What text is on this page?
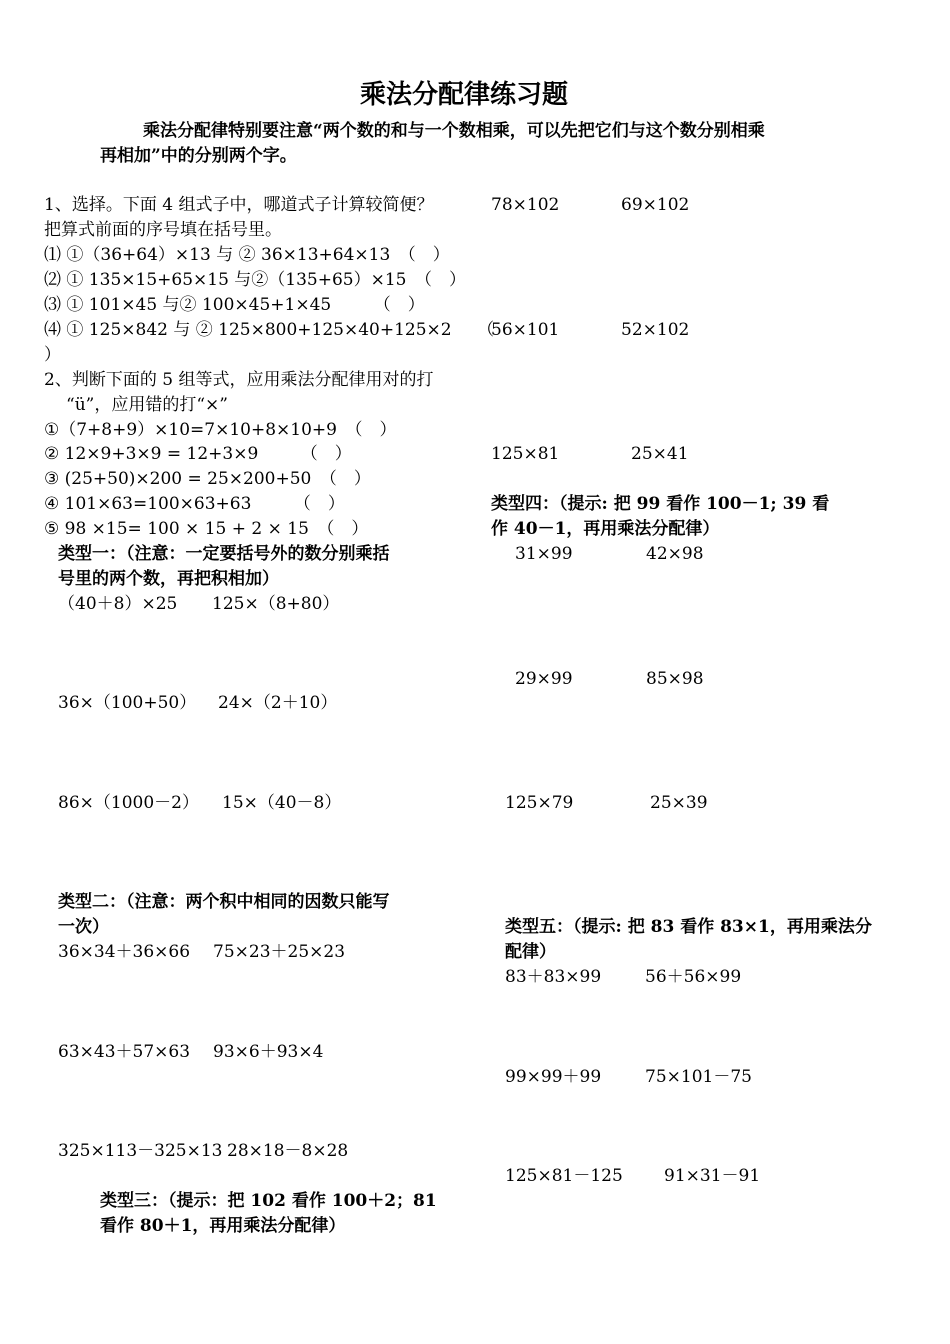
乘法分配律练习题
乘法分配律特别要注意“两个数的和与一个数相乘，可以先把它们与这个数分别相乘
再相加”中的分别两个字。
1、选择。下面 4 组式子中，哪道式子计算较简便？
把算式前面的序号填在括号里。
⑴ ①（36+64）×13 与 ② 36×13+64×13　（　）
⑵ ① 135×15+65×15 与②（135+65）×15　（　）
⑶ ① 101×45 与② 100×45+1×45　　　（　）
⑷ ① 125×842 与 ② 125×800+125×40+125×2　　（
）
2、判断下面的 5 组等式，应用乘法分配律用对的打
“ü”，应用错的打“×”
①（7+8+9）×10=7×10+8×10+9　（　）
② 12×9+3×9 = 12+3×9　　　（　）
③ (25+50)×200 = 25×200+50　（　）
④ 101×63=100×63+63　　　（　）
⑤ 98 ×15= 100 × 15 + 2 × 15　（　）
类型一：（注意：一定要括号外的数分别乘括
号里的两个数，再把积相加）
（40＋8）×25 125×（8+80）
36×（100+50） 24×（2＋10）
86×（1000－2） 15×（40－8）
类型二：（注意：两个积中相同的因数只能写
一次）
36×34＋36×66 75×23＋25×23
63×43＋57×63 93×6＋93×4
325×113－325×13 28×18－8×28
类型三：（提示：把 102 看作 100＋2；81
看作 80＋1，再用乘法分配律）
78×102	69×102
56×101	52×102
125×81	25×41
类型四：（提示: 把 99 看作 100－1; 39 看
作 40－1，再用乘法分配律）
31×99	42×98
29×99	85×98
125×79	25×39
类型五：（提示: 把 83 看作 83×1，再用乘法分
配律）
83＋83×99	56＋56×99
99×99＋99	75×101－75
125×81－125 91×31－91
